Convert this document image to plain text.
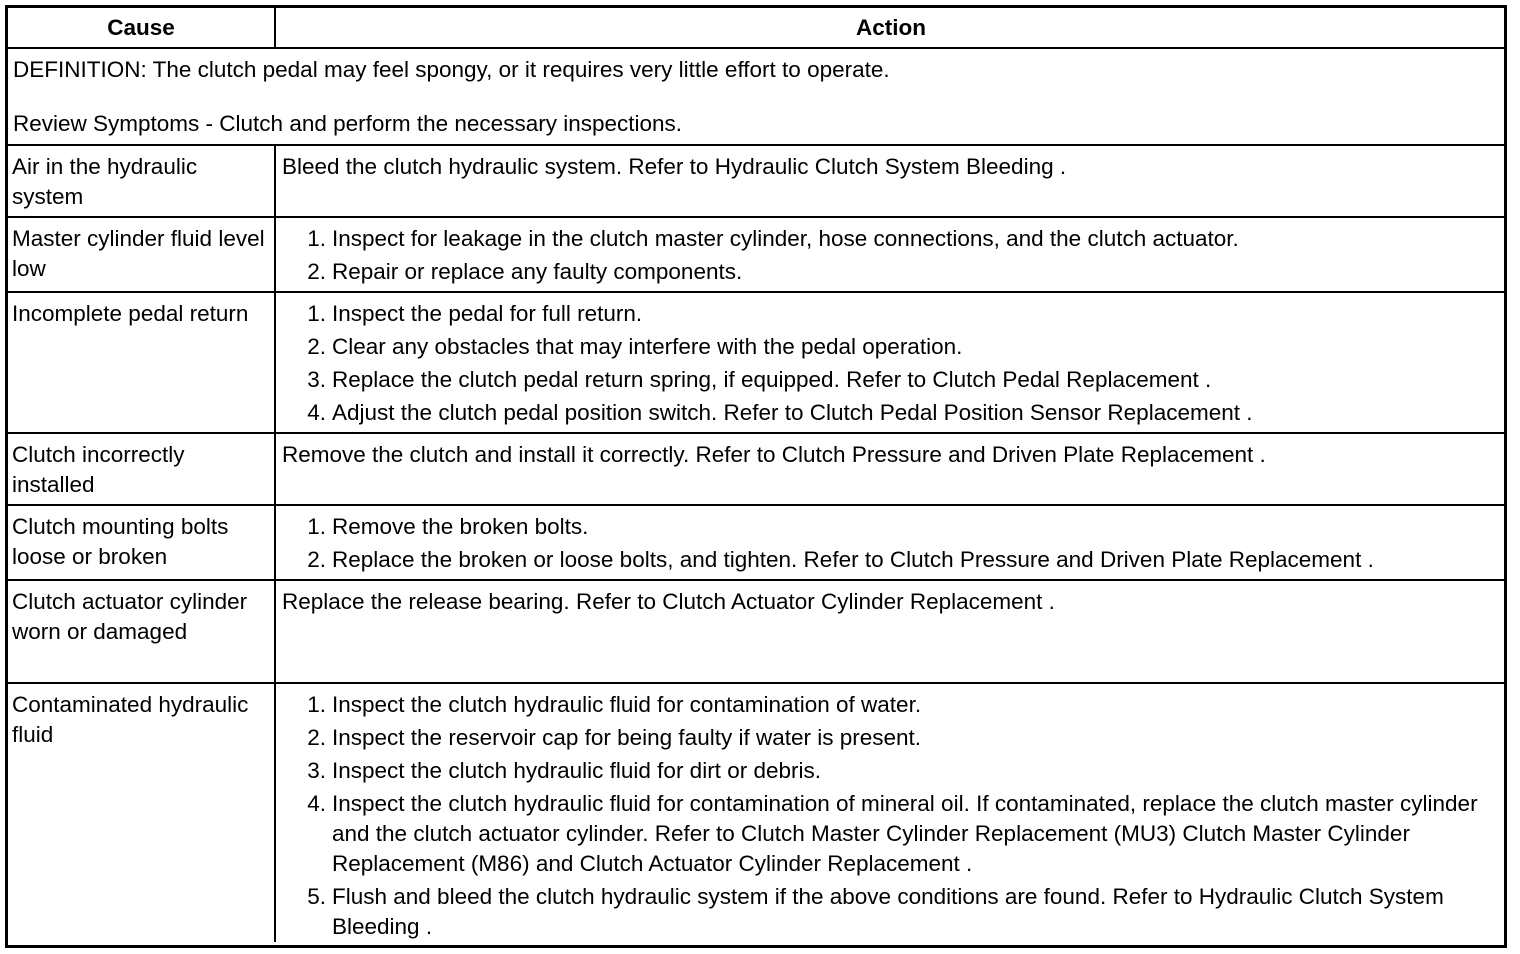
Cause	Action

DEFINITION: The clutch pedal may feel spongy, or it requires very little effort to operate.

Review Symptoms - Clutch and perform the necessary inspections.

Air in the hydraulic system
Bleed the clutch hydraulic system. Refer to Hydraulic Clutch System Bleeding .
Master cylinder fluid level low
1. Inspect for leakage in the clutch master cylinder, hose connections, and the clutch actuator.
2. Repair or replace any faulty components.
Incomplete pedal return	1. Inspect the pedal for full return.
2. Clear any obstacles that may interfere with the pedal operation.
3. Replace the clutch pedal return spring, if equipped. Refer to Clutch Pedal Replacement .
4. Adjust the clutch pedal position switch. Refer to Clutch Pedal Position Sensor Replacement .
Clutch incorrectly installed
Remove the clutch and install it correctly. Refer to Clutch Pressure and Driven Plate Replacement .
Clutch mounting bolts loose or broken
1. Remove the broken bolts.
2. Replace the broken or loose bolts, and tighten. Refer to Clutch Pressure and Driven Plate Replacement .
Clutch actuator cylinder worn or damaged
Replace the release bearing. Refer to Clutch Actuator Cylinder Replacement .
Contaminated hydraulic fluid
1. Inspect the clutch hydraulic fluid for contamination of water.
2. Inspect the reservoir cap for being faulty if water is present.
3. Inspect the clutch hydraulic fluid for dirt or debris.
4. Inspect the clutch hydraulic fluid for contamination of mineral oil. If contaminated, replace the clutch master cylinder and the clutch actuator cylinder. Refer to Clutch Master Cylinder Replacement (MU3) Clutch Master Cylinder Replacement (M86) and Clutch Actuator Cylinder Replacement .
5. Flush and bleed the clutch hydraulic system if the above conditions are found. Refer to Hydraulic Clutch System Bleeding .
